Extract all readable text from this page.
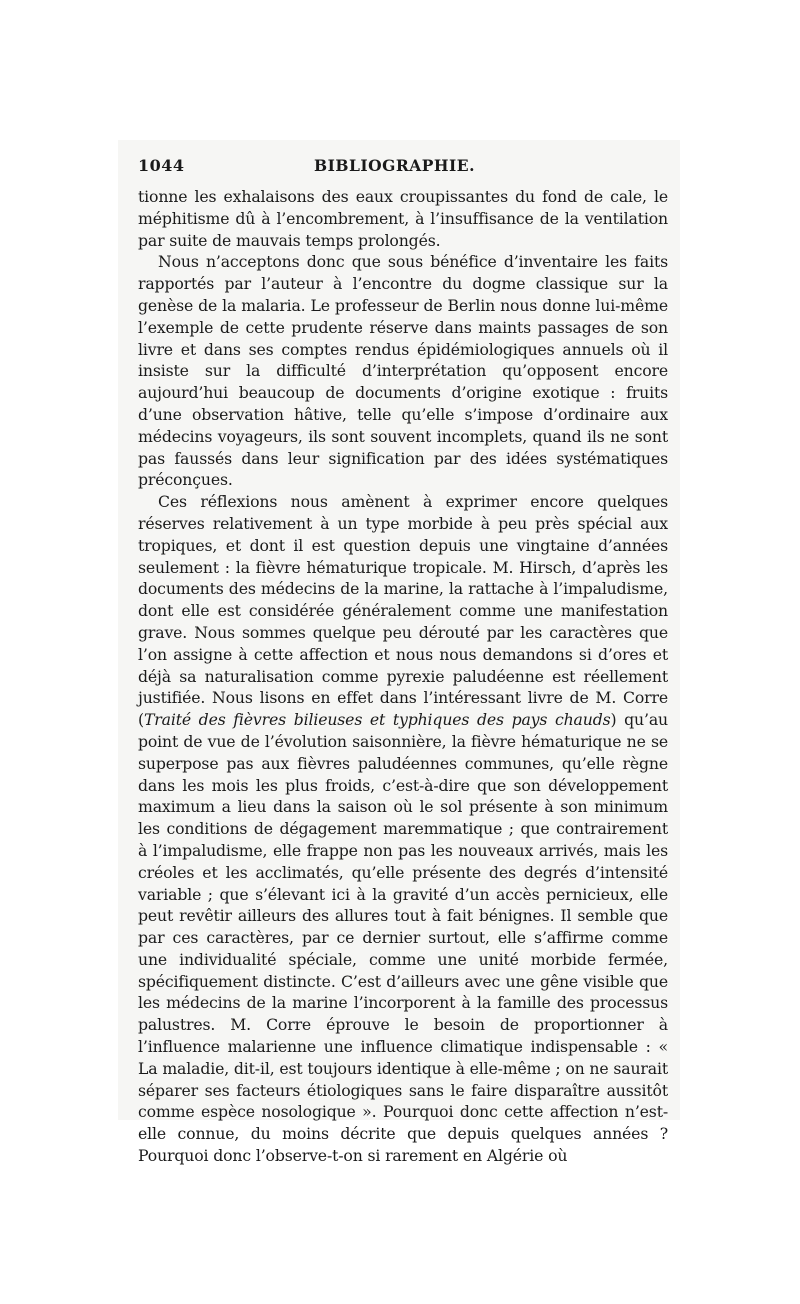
1044	BIBLIOGRAPHIE.

tionne les exhalaisons des eaux croupissantes du fond de cale, le méphitisme dû à l’encombrement, à l’insuffisance de la ventilation par suite de mauvais temps prolongés.

Nous n’acceptons donc que sous bénéfice d’inventaire les faits rapportés par l’auteur à l’encontre du dogme classique sur la genèse de la malaria. Le professeur de Berlin nous donne lui-même l’exemple de cette prudente réserve dans maints passages de son livre et dans ses comptes rendus épidémiologiques annuels où il insiste sur la difficulté d’interprétation qu’opposent encore aujourd’hui beaucoup de documents d’origine exotique : fruits d’une observation hâtive, telle qu’elle s’impose d’ordinaire aux médecins voyageurs, ils sont souvent incomplets, quand ils ne sont pas faussés dans leur signification par des idées systématiques préconçues.

Ces réflexions nous amènent à exprimer encore quelques réserves relativement à un type morbide à peu près spécial aux tropiques, et dont il est question depuis une vingtaine d’années seulement : la fièvre hématurique tropicale. M. Hirsch, d’après les documents des médecins de la marine, la rattache à l’impaludisme, dont elle est considérée généralement comme une manifestation grave. Nous sommes quelque peu dérouté par les caractères que l’on assigne à cette affection et nous nous demandons si d’ores et déjà sa naturalisation comme pyrexie paludéenne est réellement justifiée. Nous lisons en effet dans l’intéressant livre de M. Corre (Traité des fièvres bilieuses et typhiques des pays chauds) qu’au point de vue de l’évolution saisonnière, la fièvre hématurique ne se superpose pas aux fièvres paludéennes communes, qu’elle règne dans les mois les plus froids, c’est-à-dire que son développement maximum a lieu dans la saison où le sol présente à son minimum les conditions de dégagement maremmatique ; que contrairement à l’impaludisme, elle frappe non pas les nouveaux arrivés, mais les créoles et les acclimatés, qu’elle présente des degrés d’intensité variable ; que s’élevant ici à la gravité d’un accès pernicieux, elle peut revêtir ailleurs des allures tout à fait bénignes. Il semble que par ces caractères, par ce dernier surtout, elle s’affirme comme une individualité spéciale, comme une unité morbide fermée, spécifiquement distincte. C’est d’ailleurs avec une gêne visible que les médecins de la marine l’incorporent à la famille des processus palustres. M. Corre éprouve le besoin de proportionner à l’influence malarienne une influence climatique indispensable : « La maladie, dit-il, est toujours identique à elle-même ; on ne saurait séparer ses facteurs étiologiques sans le faire disparaître aussitôt comme espèce nosologique ». Pourquoi donc cette affection n’est-elle connue, du moins décrite que depuis quelques années ? Pourquoi donc l’observe-t-on si rarement en Algérie où
